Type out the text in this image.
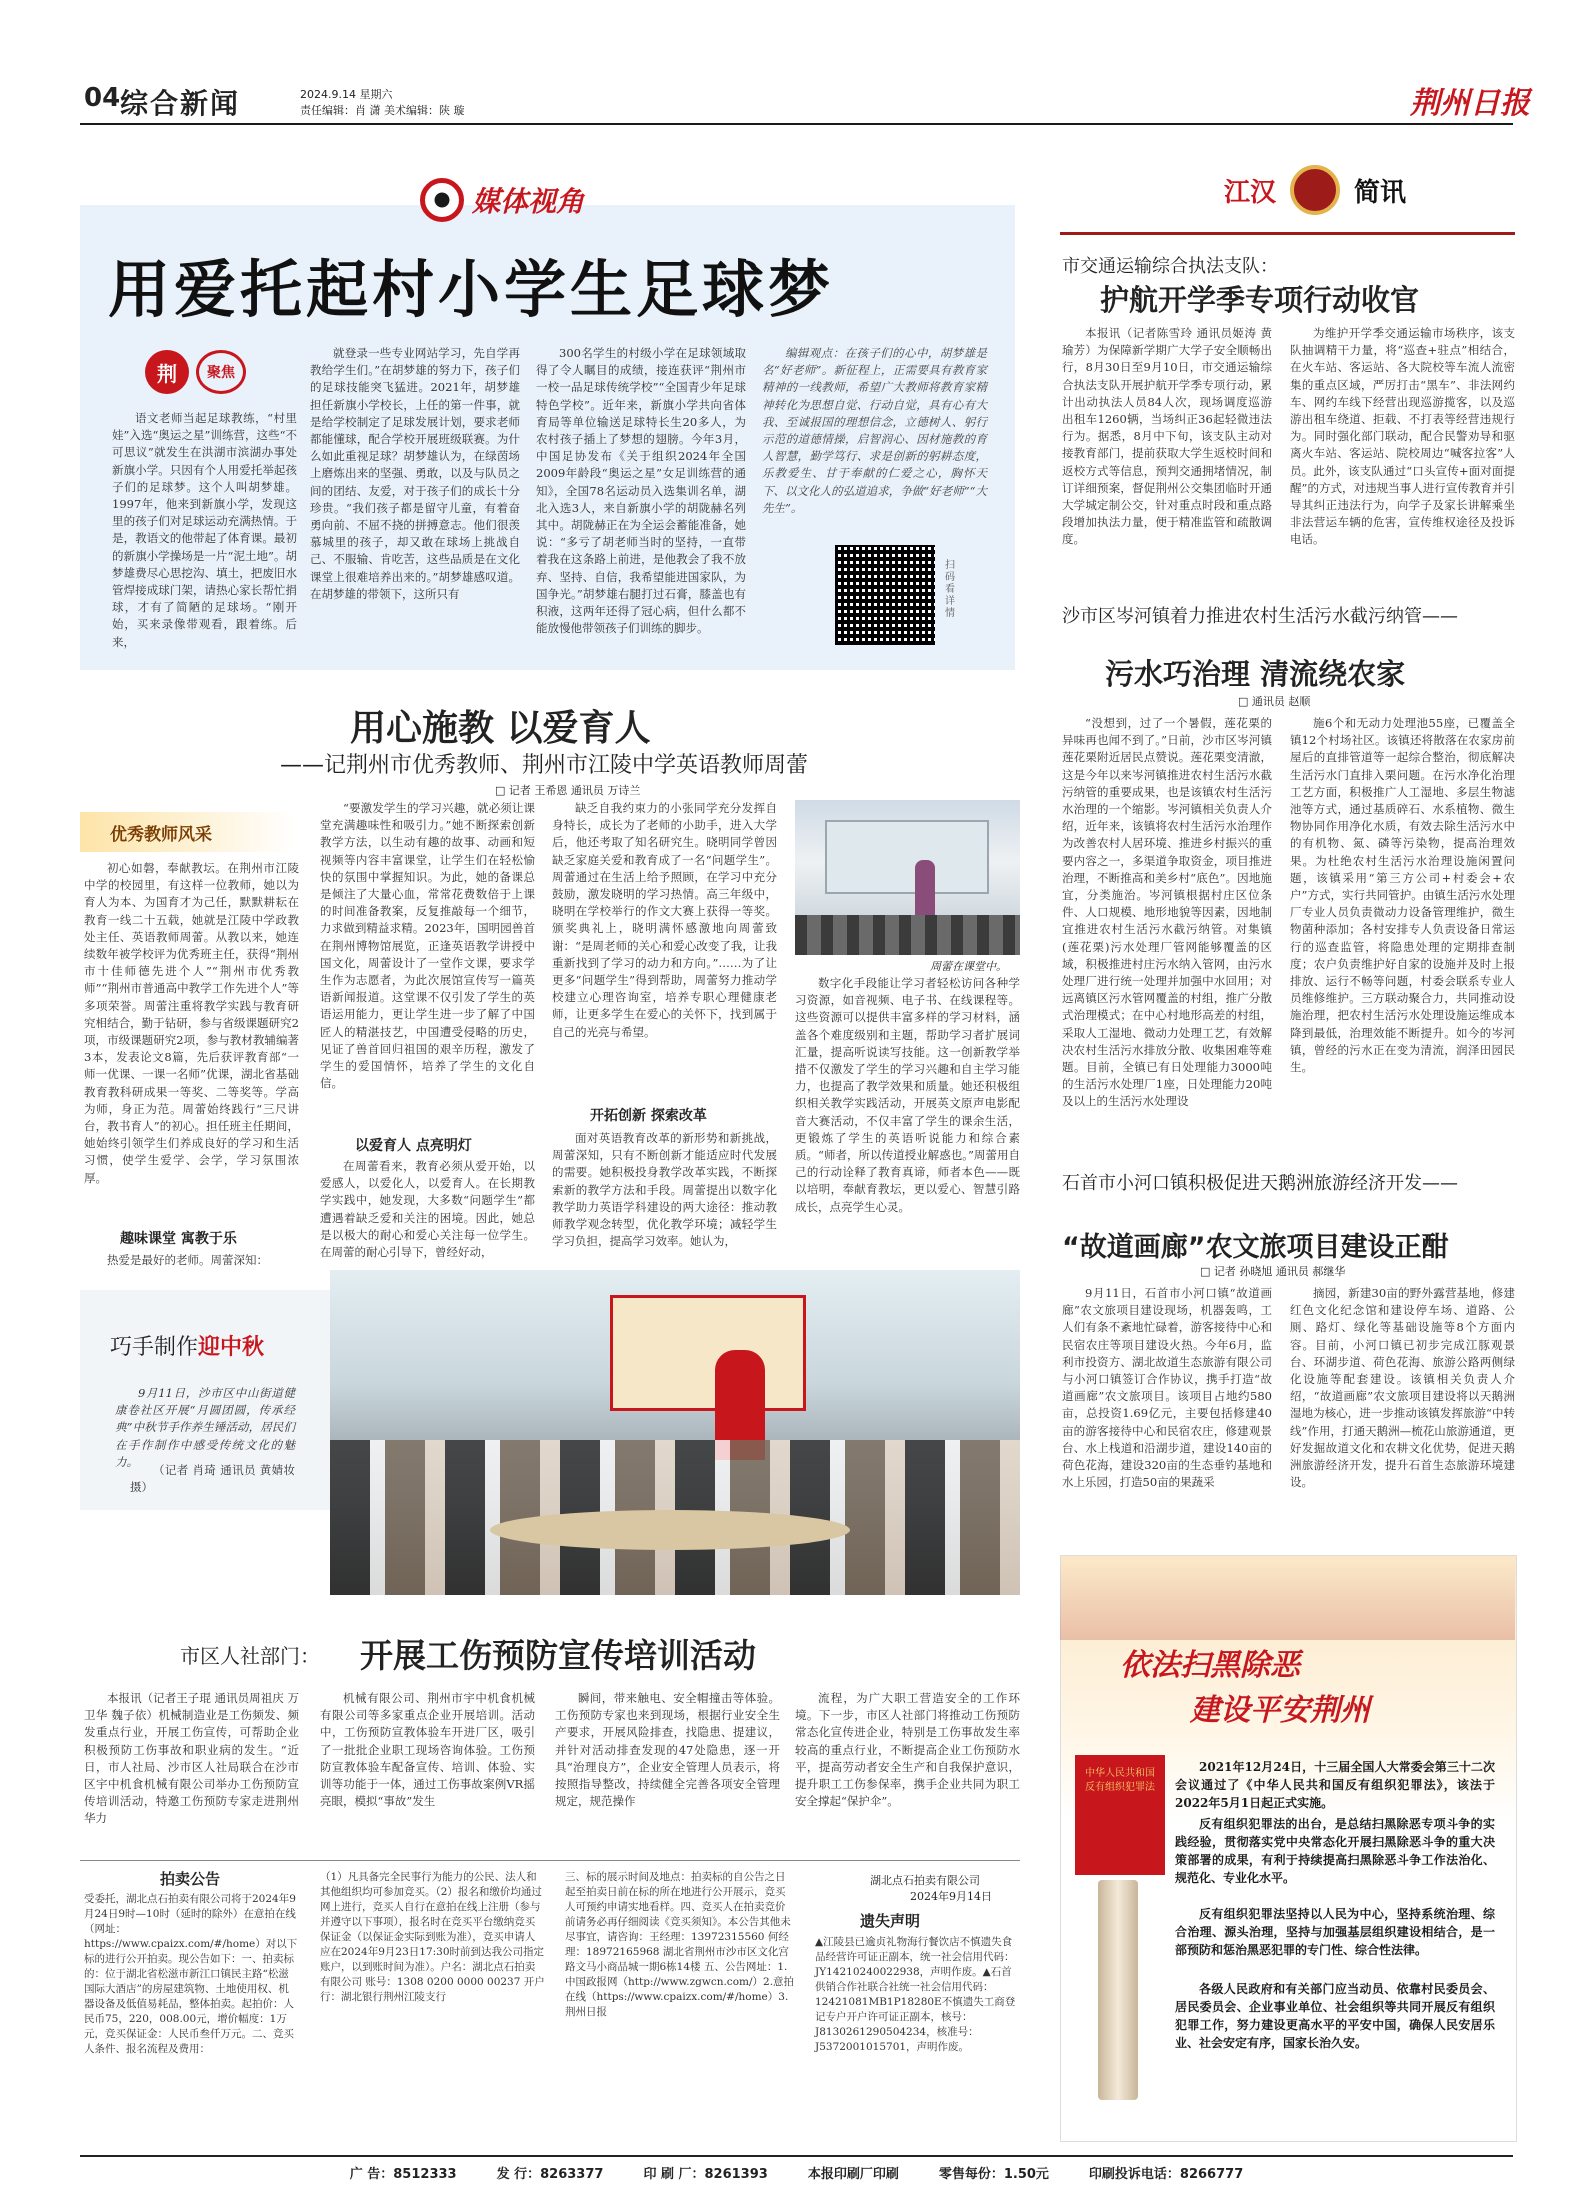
04 综合新闻	2024.9.14 星期六
责任编辑：肖 潇 美术编辑：陕 璇	荆州日报
媒体视角
用爱托起村小学生足球梦
荆	聚焦

语文老师当起足球教练，“村里娃”入选“奥运之星”训练营，这些“不可思议”就发生在洪湖市滨湖办事处新旗小学。只因有个人用爱托举起孩子们的足球梦。这个人叫胡梦雄。1997年，他来到新旗小学，发现这里的孩子们对足球运动充满热情。于是，教语文的他带起了体育课。最初的新旗小学操场是一片“泥土地”。胡梦雄费尽心思挖沟、填土，把废旧水管焊接成球门架，请热心家长帮忙捐球，才有了简陋的足球场。“刚开始，买来录像带观看，跟着练。后来，

就登录一些专业网站学习，先自学再教给学生们。”在胡梦雄的努力下，孩子们的足球技能突飞猛进。2021年，胡梦雄担任新旗小学校长，上任的第一件事，就是给学校制定了足球发展计划，要求老师都能懂球，配合学校开展班级联赛。为什么如此重视足球？胡梦雄认为，在绿茵场上磨炼出来的坚强、勇敢，以及与队员之间的团结、友爱，对于孩子们的成长十分珍贵。“我们孩子都是留守儿童，有着奋勇向前、不屈不挠的拼搏意志。他们很羡慕城里的孩子，却又敢在球场上挑战自己、不服输、肯吃苦，这些品质是在文化课堂上很难培养出来的。”胡梦雄感叹道。在胡梦雄的带领下，这所只有

300名学生的村级小学在足球领域取得了令人瞩目的成绩，接连获评“荆州市一校一品足球传统学校”“全国青少年足球特色学校”。近年来，新旗小学共向省体育局等单位输送足球特长生20多人，为农村孩子插上了梦想的翅膀。今年3月，中国足协发布《关于组织2024年全国2009年龄段“奥运之星”女足训练营的通知》，全国78名运动员入选集训名单，湖北入选3人，来自新旗小学的胡陇赫名列其中。胡陇赫正在为全运会蓄能准备，她说：“多亏了胡老师当时的坚持，一直带着我在这条路上前进，是他教会了我不放弃、坚持、自信，我希望能进国家队，为国争光。”胡梦雄右腿打过石膏，膝盖也有积液，这两年还得了冠心病，但什么都不能放慢他带领孩子们训练的脚步。

编辑观点：在孩子们的心中，胡梦雄是名“好老师”。新征程上，正需要具有教育家精神的一线教师，希望广大教师将教育家精神转化为思想自觉、行动自觉，具有心有大我、至诚报国的理想信念，立德树人、躬行示范的道德情操，启智润心、因材施教的育人智慧，勤学笃行、求是创新的躬耕态度，乐教爱生、甘于奉献的仁爱之心，胸怀天下、以文化人的弘道追求，争做“好老师”“大先生”。

扫码看详情
江汉	简讯
市交通运输综合执法支队：
护航开学季专项行动收官

本报讯（记者陈雪玲 通讯员姬涛 黄瑜芳）为保障新学期广大学子安全顺畅出行，8月30日至9月10日，市交通运输综合执法支队开展护航开学季专项行动，累计出动执法人员84人次，现场调度巡游出租车1260辆，当场纠正36起轻微违法行为。据悉，8月中下旬，该支队主动对接教育部门，提前获取大学生返校时间和返校方式等信息，预判交通拥堵情况，制订详细预案，督促荆州公交集团临时开通大学城定制公交，针对重点时段和重点路段增加执法力量，便于精准监管和疏散调度。

为维护开学季交通运输市场秩序，该支队抽调精干力量，将“巡查+驻点”相结合，在火车站、客运站、各大院校等车流人流密集的重点区域，严厉打击“黑车”、非法网约车、网约车线下经营出现巡游揽客，以及巡游出租车绕道、拒载、不打表等经营违规行为。同时强化部门联动，配合民警劝导和驱离火车站、客运站、院校周边“喊客拉客”人员。此外，该支队通过“口头宣传+面对面提醒”的方式，对违规当事人进行宣传教育并引导其纠正违法行为，向学子及家长讲解乘坐非法营运车辆的危害，宣传维权途径及投诉电话。

沙市区岑河镇着力推进农村生活污水截污纳管——
污水巧治理 清流绕农家
□ 通讯员 赵顺

“没想到，过了一个暑假，莲花栗的异味再也闻不到了。”日前，沙市区岑河镇莲花栗附近居民点赞说。莲花栗变清澈，这是今年以来岑河镇推进农村生活污水截污纳管的重要成果，也是该镇农村生活污水治理的一个缩影。岑河镇相关负责人介绍，近年来，该镇将农村生活污水治理作为改善农村人居环境、推进乡村振兴的重要内容之一，多渠道争取资金，项目推进治理，不断推高和美乡村“底色”。因地施宜，分类施治。岑河镇根据村庄区位条件、人口规模、地形地貌等因素，因地制宜推进农村生活污水截污纳管。对集镇(莲花栗)污水处理厂管网能够覆盖的区域，积极推进村庄污水纳入管网，由污水处理厂进行统一处理并加强中水回用；对远离镇区污水管网覆盖的村组，推广分散式治理模式；在中心村地形高差的村组，采取人工湿地、微动力处理工艺，有效解决农村生活污水排放分散、收集困难等难题。目前，全镇已有日处理能力3000吨的生活污水处理厂1座，日处理能力20吨及以上的生活污水处理设

施6个和无动力处理池55座，已覆盖全镇12个村场社区。该镇还将散落在农家房前屋后的直排管道等一起综合整治，彻底解决生活污水门直排入栗问题。在污水净化治理工艺方面，积极推广人工湿地、多层生物滤池等方式，通过基质碎石、水系植物、微生物协同作用净化水质，有效去除生活污水中的有机物、氮、磷等污染物，提高治理效果。为杜绝农村生活污水治理设施闲置问题，该镇采用“第三方公司+村委会+农户”方式，实行共同管护。由镇生活污水处理厂专业人员负责微动力设备管理维护，微生物菌种添加；各村安排专人负责设备日常运行的巡查监管，将隐患处理的定期排查制度；农户负责维护好自家的设施并及时上报排放、运行不畅等问题，村委会联系专业人员维修维护。三方联动聚合力，共同推动设施治理，把农村生活污水处理设施运维成本降到最低，治理效能不断提升。如今的岑河镇，曾经的污水正在变为清流，润泽田园民生。

石首市小河口镇积极促进天鹅洲旅游经济开发——
“故道画廊”农文旅项目建设正酣
□ 记者 孙晓旭 通讯员 郝继华

9月11日，石首市小河口镇“故道画廊”农文旅项目建设现场，机器轰鸣，工人们有条不紊地忙碌着，游客接待中心和民宿农庄等项目建设火热。今年6月，监利市投资方、湖北故道生态旅游有限公司与小河口镇签订合作协议，携手打造“故道画廊”农文旅项目。该项目占地约580亩，总投资1.69亿元，主要包括修建40亩的游客接待中心和民宿农庄，修建观景台、水上栈道和沿湖步道，建设140亩的荷色花海，建设320亩的生态垂钓基地和水上乐园，打造50亩的果蔬采

摘园，新建30亩的野外露营基地，修建红色文化纪念馆和建设停车场、道路、公厕、路灯、绿化等基础设施等8个方面内容。目前，小河口镇已初步完成江豚观景台、环湖步道、荷色花海、旅游公路两侧绿化设施等配套建设。该镇相关负责人介绍，“故道画廊”农文旅项目建设将以天鹅洲湿地为核心，进一步推动该镇发挥旅游“中转线”作用，打通天鹅洲—梳花山旅游通道，更好发掘故道文化和农耕文化优势，促进天鹅洲旅游经济开发，提升石首生态旅游环境建设。

用心施教 以爱育人
——记荆州市优秀教师、荆州市江陵中学英语教师周蕾
□ 记者 王希恩 通讯员 万诗兰
优秀教师风采

初心如磐，奉献教坛。在荆州市江陵中学的校园里，有这样一位教师，她以为育人为本、为国育才为己任，默默耕耘在教育一线二十五载，她就是江陵中学政教处主任、英语教师周蕾。从教以来，她连续数年被学校评为优秀班主任，获得“荆州市十佳师德先进个人”“荆州市优秀教师”“荆州市普通高中教学工作先进个人”等多项荣誉。周蕾注重将教学实践与教育研究相结合，勤于钻研，参与省级课题研究2项，市级课题研究2项，参与教材教辅编著3本，发表论文8篇，先后获评教育部“一师一优课、一课一名师”优课，湖北省基础教育教科研成果一等奖、二等奖等。学高为师，身正为范。周蕾始终践行“三尺讲台，教书育人”的初心。担任班主任期间，她始终引领学生们养成良好的学习和生活习惯，使学生爱学、会学，学习氛围浓厚。

趣味课堂 寓教于乐

热爱是最好的老师。周蕾深知：

“要激发学生的学习兴趣，就必须让课堂充满趣味性和吸引力。”她不断探索创新教学方法，以生动有趣的故事、动画和短视频等内容丰富课堂，让学生们在轻松愉快的氛围中掌握知识。为此，她的备课总是倾注了大量心血，常常花费数倍于上课的时间准备教案，反复推敲每一个细节，力求做到精益求精。2023年，国明园兽首在荆州博物馆展览，正逢英语教学讲授中国文化，周蕾设计了一堂作文课，要求学生作为志愿者，为此次展馆宣传写一篇英语新闻报道。这堂课不仅引发了学生的英语运用能力，更让学生进一步了解了中国匠人的精湛技艺，中国遭受侵略的历史，见证了兽首回归祖国的艰辛历程，激发了学生的爱国情怀，培养了学生的文化自信。

以爱育人 点亮明灯

在周蕾看来，教育必须从爱开始，以爱感人，以爱化人，以爱育人。在长期教学实践中，她发现，大多数“问题学生”都遭遇着缺乏爱和关注的困境。因此，她总是以极大的耐心和爱心关注每一位学生。在周蕾的耐心引导下，曾经好动，

缺乏自我约束力的小张同学充分发挥自身特长，成长为了老师的小助手，进入大学后，他还考取了知名研究生。晓明同学曾因缺乏家庭关爱和教育成了一名“问题学生”。周蕾通过在生活上给予照顾，在学习中充分鼓励，激发晓明的学习热情。高三年级中，晓明在学校举行的作文大赛上获得一等奖。颁奖典礼上，晓明满怀感激地向周蕾致谢：“是周老师的关心和爱心改变了我，让我重新找到了学习的动力和方向。”……为了让更多“问题学生”得到帮助，周蕾努力推动学校建立心理咨询室，培养专职心理健康老师，让更多学生在爱心的关怀下，找到属于自己的光亮与希望。

开拓创新 探索改革

面对英语教育改革的新形势和新挑战，周蕾深知，只有不断创新才能适应时代发展的需要。她积极投身教学改革实践，不断探索新的教学方法和手段。周蕾提出以数字化教学助力英语学科建设的两大途径：推动教师教学观念转型，优化教学环境；减轻学生学习负担，提高学习效率。她认为，

周蕾在课堂中。

数字化手段能让学习者轻松访问各种学习资源，如音视频、电子书、在线课程等。这些资源可以提供丰富多样的学习材料，涵盖各个难度级别和主题，帮助学习者扩展词汇量，提高听说读写技能。这一创新教学举措不仅激发了学生的学习兴趣和自主学习能力，也提高了教学效果和质量。她还积极组织相关教学实践活动，开展英文原声电影配音大赛活动，不仅丰富了学生的课余生活，更锻炼了学生的英语听说能力和综合素质。“师者，所以传道授业解惑也。”周蕾用自己的行动诠释了教育真谛，师者本色——既以培明，奉献育教坛，更以爱心、智慧引路成长，点亮学生心灵。

巧手制作迎中秋

9月11日，沙市区中山街道健康卷社区开展“月圆团圆，传承经典”中秋节手作养生锤活动，居民们在手作制作中感受传统文化的魅力。

（记者 肖琦 通讯员 黄婧妆 摄）

市区人社部门： 开展工伤预防宣传培训活动

本报讯（记者王子琨 通讯员周祖庆 万卫华 魏子依）机械制造业是工伤频发、频发重点行业，开展工伤宣传，可帮助企业积极预防工伤事故和职业病的发生。“近日，市人社局、沙市区人社局联合在沙市区宇中机食机械有限公司举办工伤预防宣传培训活动，特邀工伤预防专家走进荆州华力

机械有限公司、荆州市宇中机食机械有限公司等多家重点企业开展培训。活动中，工伤预防宣教体验车开进厂区，吸引了一批批企业职工现场咨询体验。工伤预防宣教体验车配备宣传、培训、体验、实训等功能于一体，通过工伤事故案例VR摇亮眼，模拟“事故”发生

瞬间，带来触电、安全帽撞击等体验。工伤预防专家也来到现场，根据行业安全生产要求，开展风险排查，找隐患、提建议，并针对活动排查发现的47处隐患，逐一开具“治理良方”，企业安全管理人员表示，将按照指导整改，持续健全完善各项安全管理规定，规范操作

流程，为广大职工营造安全的工作环境。下一步，市区人社部门将推动工伤预防常态化宣传进企业，特别是工伤事故发生率较高的重点行业，不断提高企业工伤预防水平，提高劳动者安全生产和自我保护意识，提升职工工伤参保率，携手企业共同为职工安全撑起“保护伞”。

拍卖公告
受委托，湖北点石拍卖有限公司将于2024年9月24日9时—10时（延时的除外）在意拍在线（网址：https://www.cpaizx.com/#/home）对以下标的进行公开拍卖。现公告如下：一、拍卖标的：位于湖北省松滋市新江口镇民主路“松滋国际大酒店”的房屋建筑物、土地使用权、机器设备及低值易耗品，整体拍卖。起拍价：人民币75，220，008.00元，增价幅度：1万元，竞买保证金：人民币叁仟万元。二、竞买人条件、报名流程及费用：
（1）凡具备完全民事行为能力的公民、法人和其他组织均可参加竞买。（2）报名和缴价均通过网上进行，竞买人自行在意拍在线上注册（参与并遵守以下事项），报名时在竞买平台缴纳竞买保证金（以保证金实际到账为准），竞买申请人应在2024年9月23日17:30时前到达我公司指定账户，以到账时间为准）。户名：湖北点石拍卖有限公司 账号：1308 0200 0000 00237 开户行：湖北银行荆州江陵支行
三、标的展示时间及地点：拍卖标的自公告之日起至拍卖日前在标的所在地进行公开展示，竞买人可预约申请实地看样。四、竞买人在拍卖竞价前请务必再仔细阅读《竞买须知》。本公告其他未尽事宜，请咨询：王经理：13972315560 何经理：18972165968 湖北省荆州市沙市区文化宫路文马小商品城一期6栋14楼 五、公告网址：1.中国政报网（http://www.zgwcn.com/）2.意拍在线（https://www.cpaizx.com/#/home）3.荆州日报
湖北点石拍卖有限公司
2024年9月14日
遗失声明
▲江陵县已逾贞礼物海行餐饮店不慎遗失食品经营许可证正副本，统一社会信用代码：JY14210240022938，声明作废。▲石首供销合作社联合社统一社会信用代码：12421081MB1P18280E不慎遗失工商登记专户开户许可证正副本，核号：J8130261290504234，核准号：J5372001015701，声明作废。
依法扫黑除恶
建设平安荆州
中华人民共和国反有组织犯罪法

2021年12月24日，十三届全国人大常委会第三十二次会议通过了《中华人民共和国反有组织犯罪法》，该法于2022年5月1日起正式实施。

反有组织犯罪法的出台，是总结扫黑除恶专项斗争的实践经验，贯彻落实党中央常态化开展扫黑除恶斗争的重大决策部署的成果，有利于持续提高扫黑除恶斗争工作法治化、规范化、专业化水平。

反有组织犯罪法坚持以人民为中心，坚持系统治理、综合治理、源头治理，坚持与加强基层组织建设相结合，是一部预防和惩治黑恶犯罪的专门性、综合性法律。

各级人民政府和有关部门应当动员、依靠村民委员会、居民委员会、企业事业单位、社会组织等共同开展反有组织犯罪工作，努力建设更高水平的平安中国，确保人民安居乐业、社会安定有序，国家长治久安。

广 告：8512333	发 行：8263377	印 刷 厂：8261393	本报印刷厂印刷	零售每份：1.50元	印刷投诉电话：8266777
